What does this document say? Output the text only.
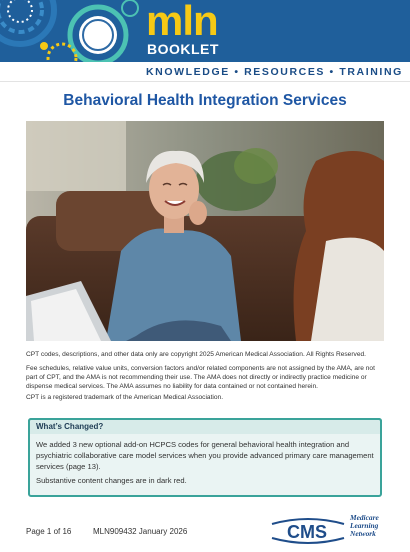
mln
BOOKLET
KNOWLEDGE • RESOURCES • TRAINING
Behavioral Health Integration Services
CPT codes, descriptions, and other data only are copyright 2025 American Medical Association. All Rights Reserved.
Fee schedules, relative value units, conversion factors and/or related components are not assigned by the AMA, are not part of CPT, and the AMA is not recommending their use. The AMA does not directly or indirectly practice medicine or dispense medical services. The AMA assumes no liability for data contained or not contained herein.
CPT is a registered trademark of the American Medical Association.
What’s Changed?
We added 3 new optional add-on HCPCS codes for general behavioral health integration and psychiatric collaborative care model services when you provide advanced primary care management services (page 13).
Substantive content changes are in dark red.
Page 1 of 16	MLN909432 January 2026	CMS
Medicare Learning Network
